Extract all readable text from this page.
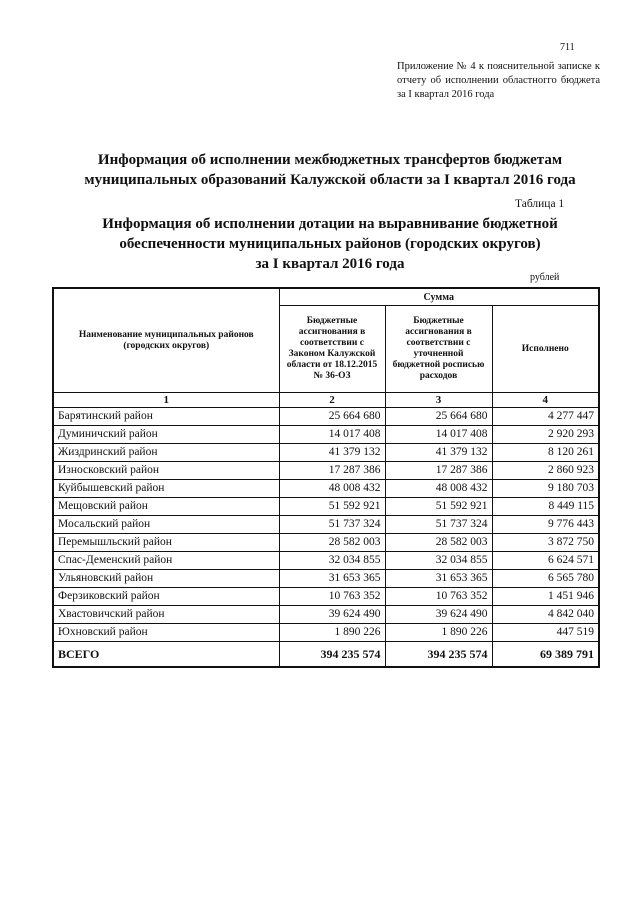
711
Приложение № 4 к пояснительной записке к отчету об исполнении областногго бюджета за I квартал 2016 года
Информация об исполнении межбюджетных трансфертов бюджетам
муниципальных образований Калужской области за I квартал 2016 года
Таблица 1
Информация об исполнении дотации на выравнивание бюджетной
обеспеченности муниципальных районов (городских округов)
за I квартал 2016 года
рублей
Наименование муниципальных районов (городских округов)	Сумма		
	Бюджетные ассигнования в соответствии с Законом Калужской области от 18.12.2015 № 36-ОЗ	Бюджетные ассигнования в соответствии с уточненной бюджетной росписью расходов	Исполнено
1	2	3	4
Барятинский район	25 664 680	25 664 680	4 277 447
Думиничский район	14 017 408	14 017 408	2 920 293
Жиздринский район	41 379 132	41 379 132	8 120 261
Износковский район	17 287 386	17 287 386	2 860 923
Куйбышевский район	48 008 432	48 008 432	9 180 703
Мещовский район	51 592 921	51 592 921	8 449 115
Мосальский район	51 737 324	51 737 324	9 776 443
Перемышльский район	28 582 003	28 582 003	3 872 750
Спас-Деменский район	32 034 855	32 034 855	6 624 571
Ульяновский район	31 653 365	31 653 365	6 565 780
Ферзиковский район	10 763 352	10 763 352	1 451 946
Хвастовичский район	39 624 490	39 624 490	4 842 040
Юхновский район	1 890 226	1 890 226	447 519
ВСЕГО	394 235 574	394 235 574	69 389 791
